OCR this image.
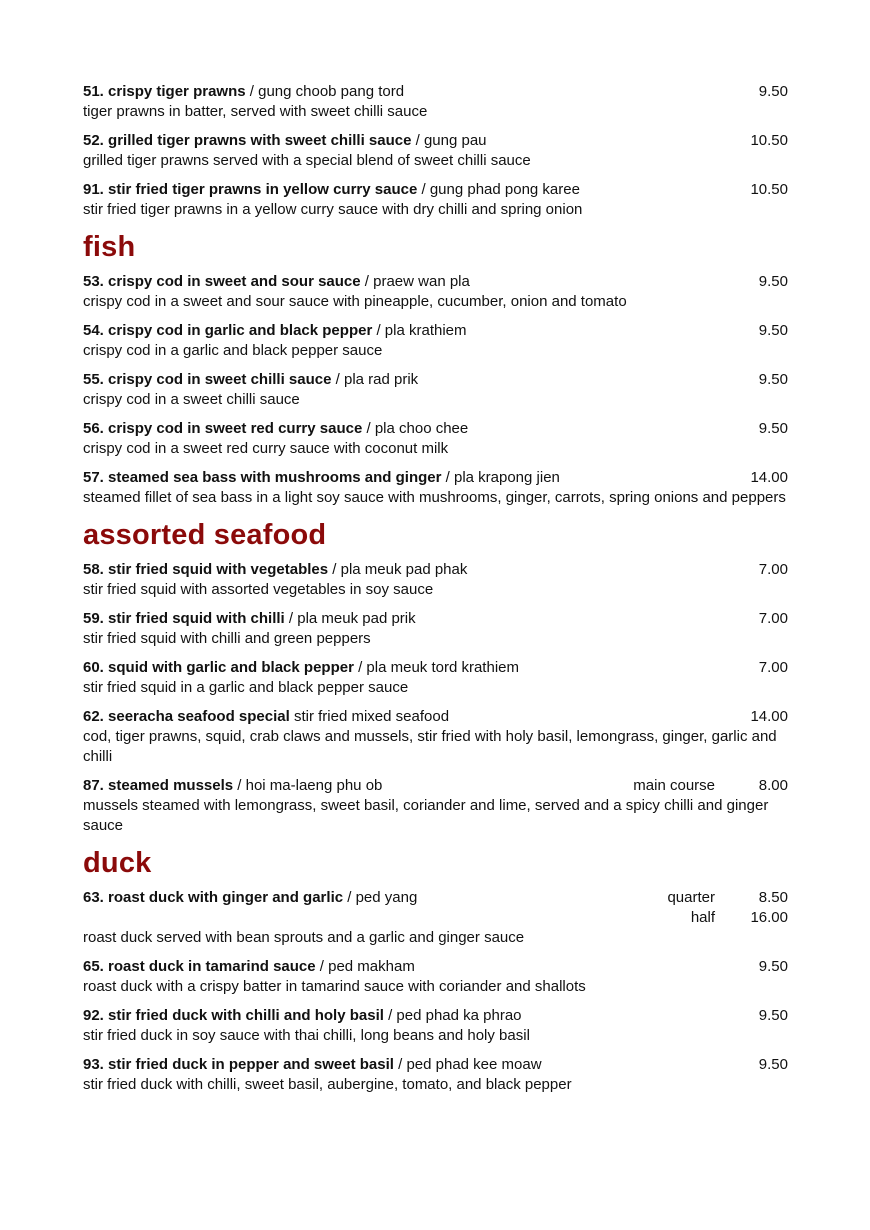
51. crispy tiger prawns / gung choob pang tord	9.50
tiger prawns in batter, served with sweet chilli sauce
52. grilled tiger prawns with sweet chilli sauce / gung pau	10.50
grilled tiger prawns served with a special blend of sweet chilli sauce
91. stir fried tiger prawns in yellow curry sauce / gung phad pong karee	10.50
stir fried tiger prawns in a yellow curry sauce with dry chilli and spring onion
fish
53. crispy cod in sweet and sour sauce / praew wan pla	9.50
crispy cod in a sweet and sour sauce with pineapple, cucumber, onion and tomato
54. crispy cod in garlic and black pepper / pla krathiem	9.50
crispy cod in a garlic and black pepper sauce
55. crispy cod in sweet chilli sauce / pla rad prik	9.50
crispy cod in a sweet chilli sauce
56. crispy cod in sweet red curry sauce / pla choo chee	9.50
crispy cod in a sweet red curry sauce with coconut milk
57. steamed sea bass with mushrooms and ginger / pla krapong jien	14.00
steamed fillet of sea bass in a light soy sauce with mushrooms, ginger, carrots, spring onions and peppers
assorted seafood
58. stir fried squid with vegetables / pla meuk pad phak	7.00
stir fried squid with assorted vegetables in soy sauce
59. stir fried squid with chilli / pla meuk pad prik	7.00
stir fried squid with chilli and green peppers
60. squid with garlic and black pepper / pla meuk tord krathiem	7.00
stir fried squid in a garlic and black pepper sauce
62. seeracha seafood special stir fried mixed seafood	14.00
cod, tiger prawns, squid, crab claws and mussels, stir fried with holy basil, lemongrass, ginger, garlic and chilli
87. steamed mussels / hoi ma-laeng phu ob	main course	8.00
mussels steamed with lemongrass, sweet basil, coriander and lime, served and a spicy chilli and ginger sauce
duck
63. roast duck with ginger and garlic / ped yang	quarter	8.50
half 16.00
roast duck served with bean sprouts and a garlic and ginger sauce
65. roast duck in tamarind sauce / ped makham	9.50
roast duck with a crispy batter in tamarind sauce with coriander and shallots
92. stir fried duck with chilli and holy basil / ped phad ka phrao	9.50
stir fried duck in soy sauce with thai chilli, long beans and holy basil
93. stir fried duck in pepper and sweet basil / ped phad kee moaw	9.50
stir fried duck with chilli, sweet basil, aubergine, tomato, and black pepper
